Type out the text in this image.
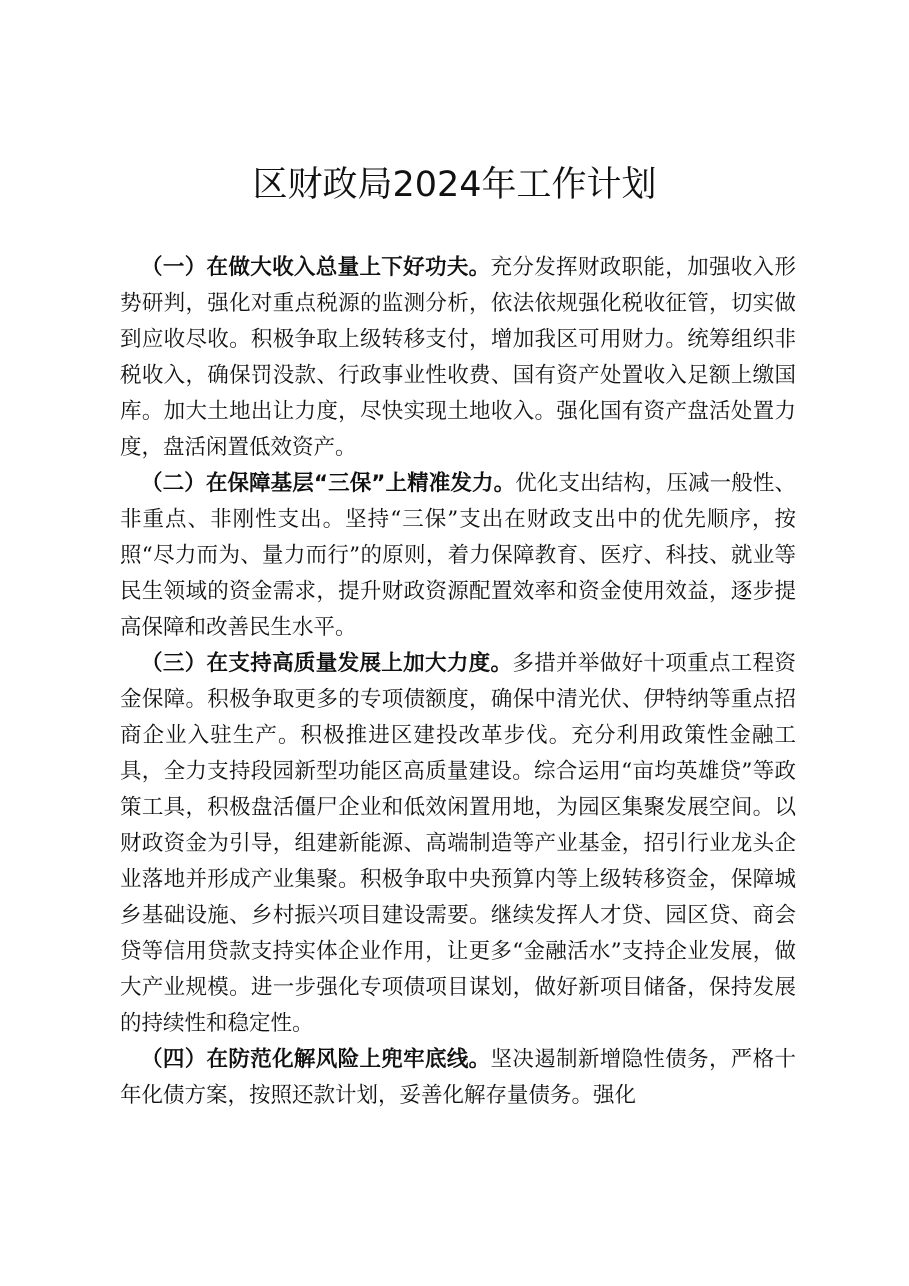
区财政局2024年工作计划

（一）在做大收入总量上下好功夫。充分发挥财政职能，加强收入形势研判，强化对重点税源的监测分析，依法依规强化税收征管，切实做到应收尽收。积极争取上级转移支付，增加我区可用财力。统筹组织非税收入，确保罚没款、行政事业性收费、国有资产处置收入足额上缴国库。加大土地出让力度，尽快实现土地收入。强化国有资产盘活处置力度，盘活闲置低效资产。

（二）在保障基层“三保”上精准发力。优化支出结构，压减一般性、非重点、非刚性支出。坚持“三保”支出在财政支出中的优先顺序，按照“尽力而为、量力而行”的原则，着力保障教育、医疗、科技、就业等民生领域的资金需求，提升财政资源配置效率和资金使用效益，逐步提高保障和改善民生水平。

（三）在支持高质量发展上加大力度。多措并举做好十项重点工程资金保障。积极争取更多的专项债额度，确保中清光伏、伊特纳等重点招商企业入驻生产。积极推进区建投改革步伐。充分利用政策性金融工具，全力支持段园新型功能区高质量建设。综合运用“亩均英雄贷”等政策工具，积极盘活僵尸企业和低效闲置用地，为园区集聚发展空间。以财政资金为引导，组建新能源、高端制造等产业基金，招引行业龙头企业落地并形成产业集聚。积极争取中央预算内等上级转移资金，保障城乡基础设施、乡村振兴项目建设需要。继续发挥人才贷、园区贷、商会贷等信用贷款支持实体企业作用，让更多“金融活水”支持企业发展，做大产业规模。进一步强化专项债项目谋划，做好新项目储备，保持发展的持续性和稳定性。

（四）在防范化解风险上兜牢底线。坚决遏制新增隐性债务，严格十年化债方案，按照还款计划，妥善化解存量债务。强化
